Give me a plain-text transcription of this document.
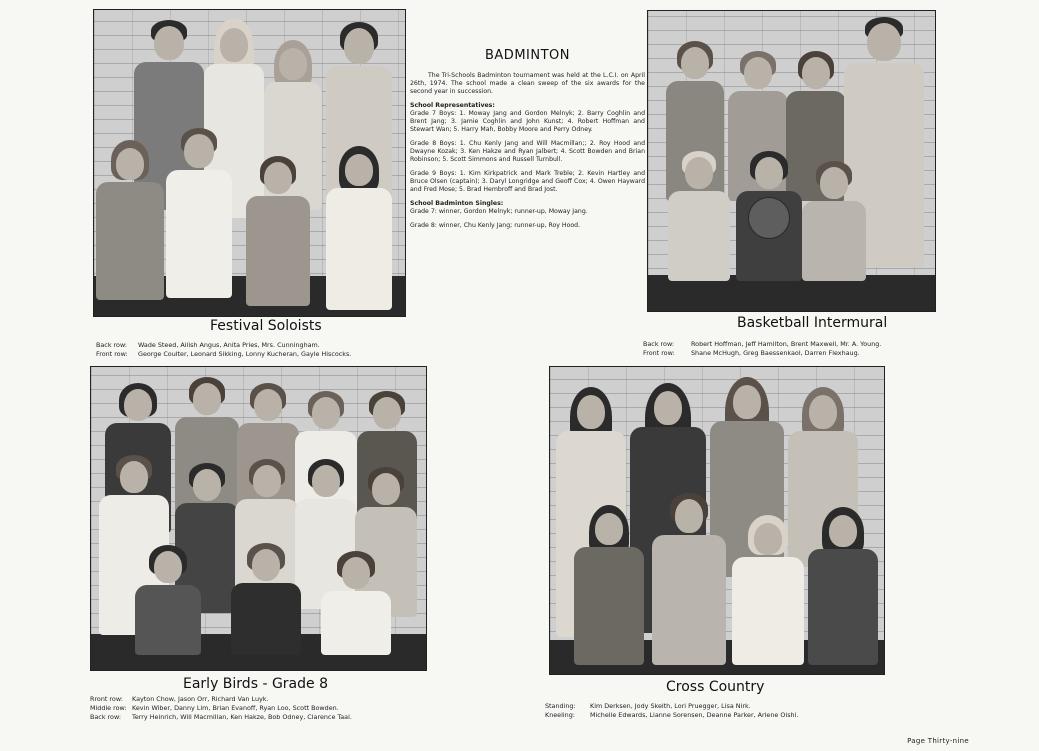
Festival Soloists
Back row: Wade Steed, Ailish Angus, Anita Pries, Mrs. Cunningham.
Front row: George Coulter, Leonard Sikking, Lonny Kucheran, Gayle Hiscocks.
BADMINTON

The Tri-Schools Badminton tournament was held at the L.C.I. on April 26th, 1974. The school made a clean sweep of the six awards for the second year in succession.

School Representatives:

Grade 7 Boys: 1. Moway Jang and Gordon Melnyk; 2. Barry Coghlin and Brent Jang; 3. Jamie Coghlin and John Kunst; 4. Robert Hoffman and Stewart Wan; 5. Harry Mah, Bobby Moore and Perry Odney.

Grade 8 Boys: 1. Chu Kenly Jang and Will Macmillan;; 2. Roy Hood and Dwayne Kozak; 3. Ken Hakze and Ryan Jalbert; 4. Scott Bowden and Brian Robinson; 5. Scott Simmons and Russell Turnbull.

Grade 9 Boys: 1. Kim Kirkpatrick and Mark Treble; 2. Kevin Hartley and Bruce Olsen (captain); 3. Daryl Longridge and Geoff Cox; 4. Owen Hayward and Fred Mose; 5. Brad Hembroff and Brad Jost.

School Badminton Singles:

Grade 7: winner, Gordon Melnyk; runner-up, Moway Jang.

Grade 8: winner, Chu Kenly Jang; runner-up, Roy Hood.

Basketball Intermural
Back row:	Robert Hoffman, Jeff Hamilton, Brent Maxwell, Mr. A. Young.
Front row:	Shane McHugh, Greg Baessenkaol, Darren Flexhaug.
Early Birds - Grade 8
Rront row: Kayton Chow, Jason Orr, Richard Van Luyk.
Middle row: Kevin Wiber, Danny Lim, Brian Evanoff, Ryan Loo, Scott Bowden.
Back row: Terry Heinrich, Will Macmillan, Ken Hakze, Bob Odney, Clarence Taal.
Cross Country
Standing: Kim Derksen, Jody Skeith, Lori Pruegger, Lisa Nirk.
Kneeling: Michelle Edwards, Lianne Sorensen, Deanne Parker, Arlene Oishi.
Page Thirty-nine
